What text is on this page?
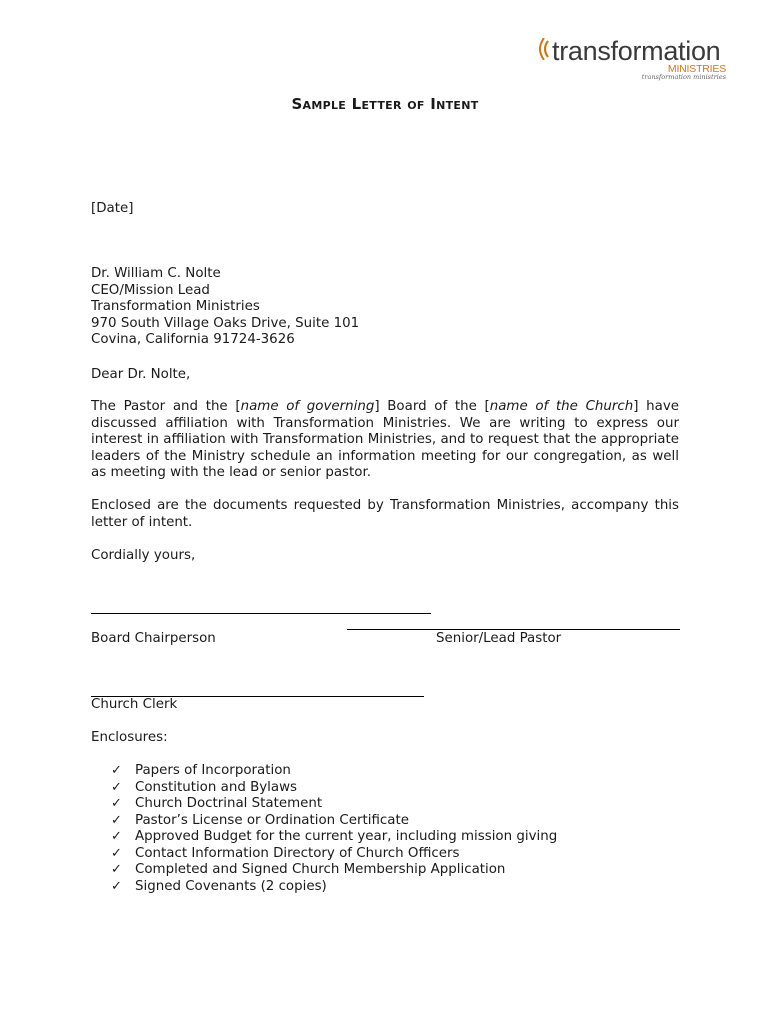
transformation
MINISTRIES
transformation ministries
Sample Letter of Intent
[Date]
Dr. William C. Nolte
CEO/Mission Lead
Transformation Ministries
970 South Village Oaks Drive, Suite 101
Covina, California 91724-3626
Dear Dr. Nolte,
The Pastor and the [name of governing] Board of the [name of the Church] have discussed affiliation with Transformation Ministries. We are writing to express our interest in affiliation with Transformation Ministries, and to request that the appropriate leaders of the Ministry schedule an information meeting for our congregation, as well as meeting with the lead or senior pastor.
Enclosed are the documents requested by Transformation Ministries, accompany this letter of intent.
Cordially yours,
Board Chairperson	Senior/Lead Pastor
Church Clerk
Enclosures:
✓ Papers of Incorporation
✓ Constitution and Bylaws
✓ Church Doctrinal Statement
✓ Pastor’s License or Ordination Certificate
✓ Approved Budget for the current year, including mission giving
✓ Contact Information Directory of Church Officers
✓ Completed and Signed Church Membership Application
✓ Signed Covenants (2 copies)
